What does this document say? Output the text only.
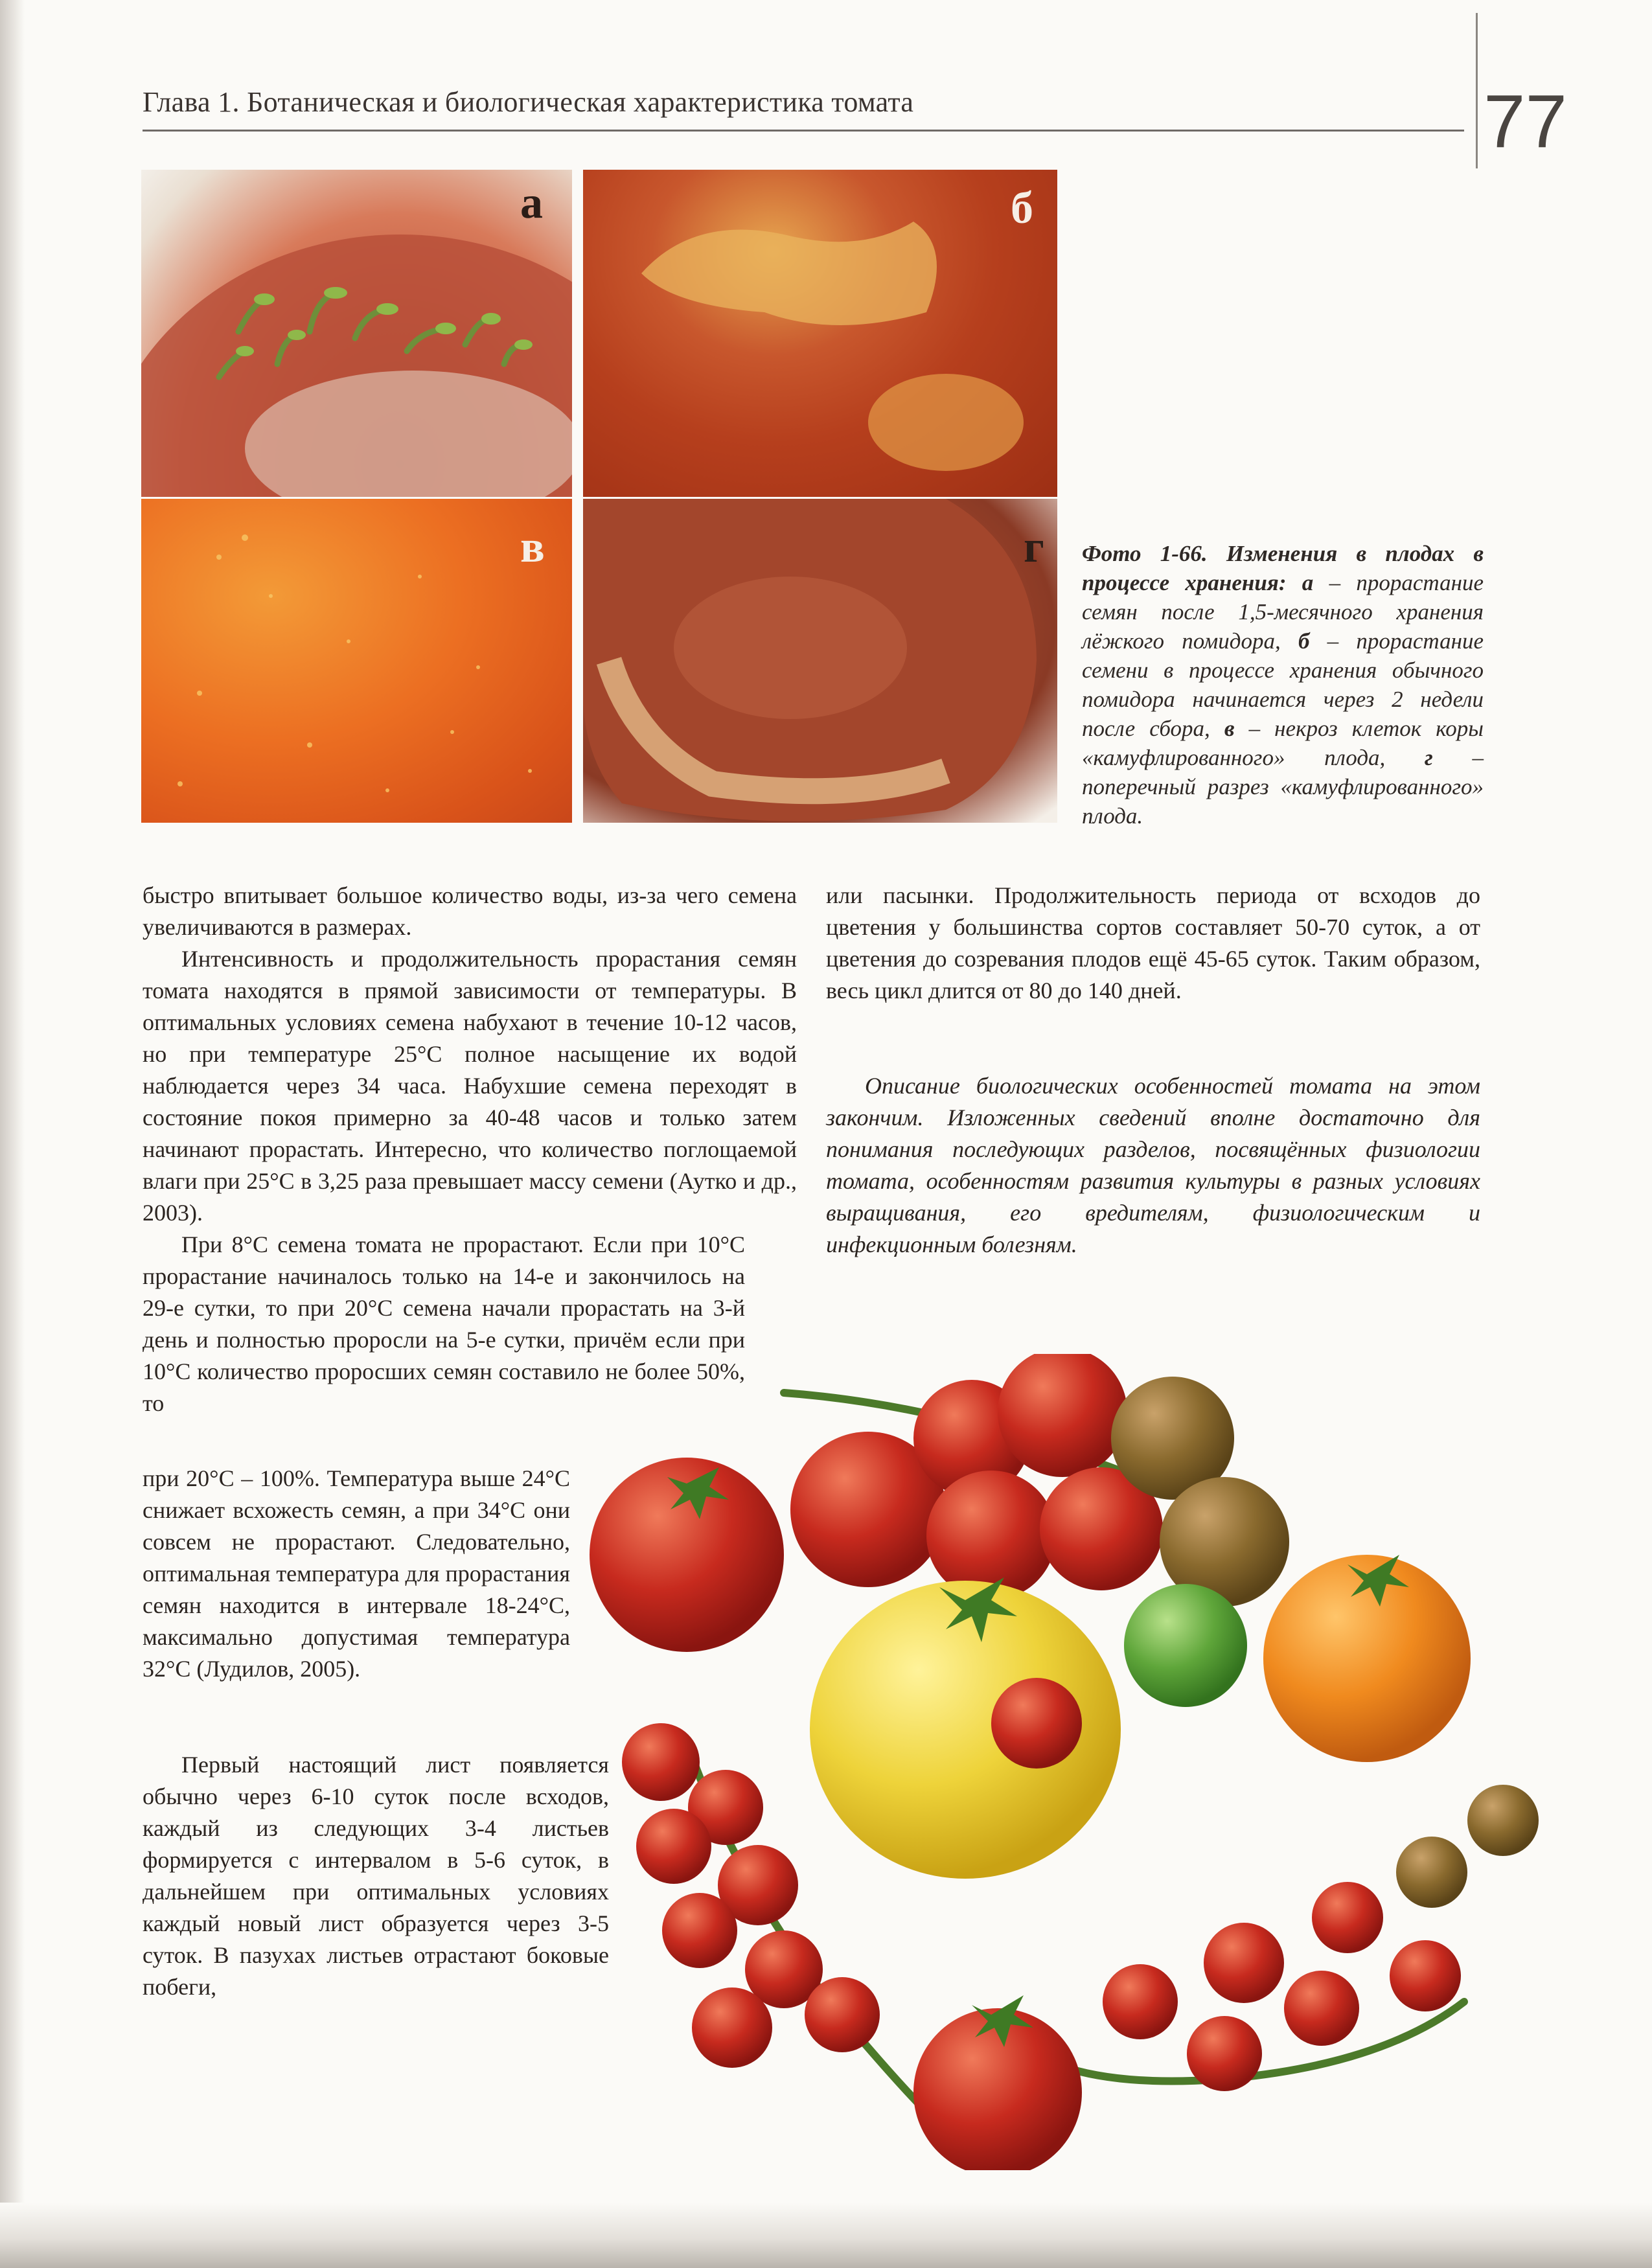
Глава 1. Ботаническая и биологическая характеристика томата	77
а	б
в	г Фото 1-66. Изменения в плодах в процессе хранения: а – прорастание семян после 1,5-месячного хранения лёжкого помидора, б – прорастание семени в процессе хранения обычного помидора начинается через 2 недели после сбора, в – некроз клеток коры «камуфлированного» плода, г – поперечный разрез «камуфлированного» плода.

быстро впитывает большое количество воды, из-за чего семена увеличиваются в размерах.

Интенсивность и продолжительность прорастания семян томата находятся в прямой зависимости от температуры. В оптимальных условиях семена набухают в течение 10-12 часов, но при температуре 25°С полное насыщение их водой наблюдается через 34 часа. Набухшие семена переходят в состояние покоя примерно за 40-48 часов и только затем начинают прорастать. Интересно, что количество поглощаемой влаги при 25°С в 3,25 раза превышает массу семени (Аутко и др., 2003).

При 8°С семена томата не прорастают. Если при 10°С прорастание начиналось только на 14-е и закончилось на 29-е сутки, то при 20°С семена начали прорастать на 3-й день и полностью проросли на 5-е сутки, причём если при 10°С количество проросших семян составило не более 50%, то

при 20°С – 100%. Температура выше 24°С снижает всхожесть семян, а при 34°С они совсем не прорастают. Следовательно, оптимальная температура для прорастания семян находится в интервале 18-24°С, максимально допустимая температура 32°С (Лудилов, 2005).

Первый настоящий лист появляется обычно через 6-10 суток после всходов, каждый из следующих 3-4 листьев формируется с интервалом в 5-6 суток, в дальнейшем при оптимальных условиях каждый новый лист образуется через 3-5 суток. В пазухах листьев отрастают боковые побеги,

или пасынки. Продолжительность периода от всходов до цветения у большинства сортов составляет 50-70 суток, а от цветения до созревания плодов ещё 45-65 суток. Таким образом, весь цикл длится от 80 до 140 дней.

Описание биологических особенностей томата на этом закончим. Изложенных сведений вполне достаточно для понимания последующих разделов, посвящённых физиологии томата, особенностям развития культуры в разных условиях выращивания, его вредителям, физиологическим и инфекционным болезням.
